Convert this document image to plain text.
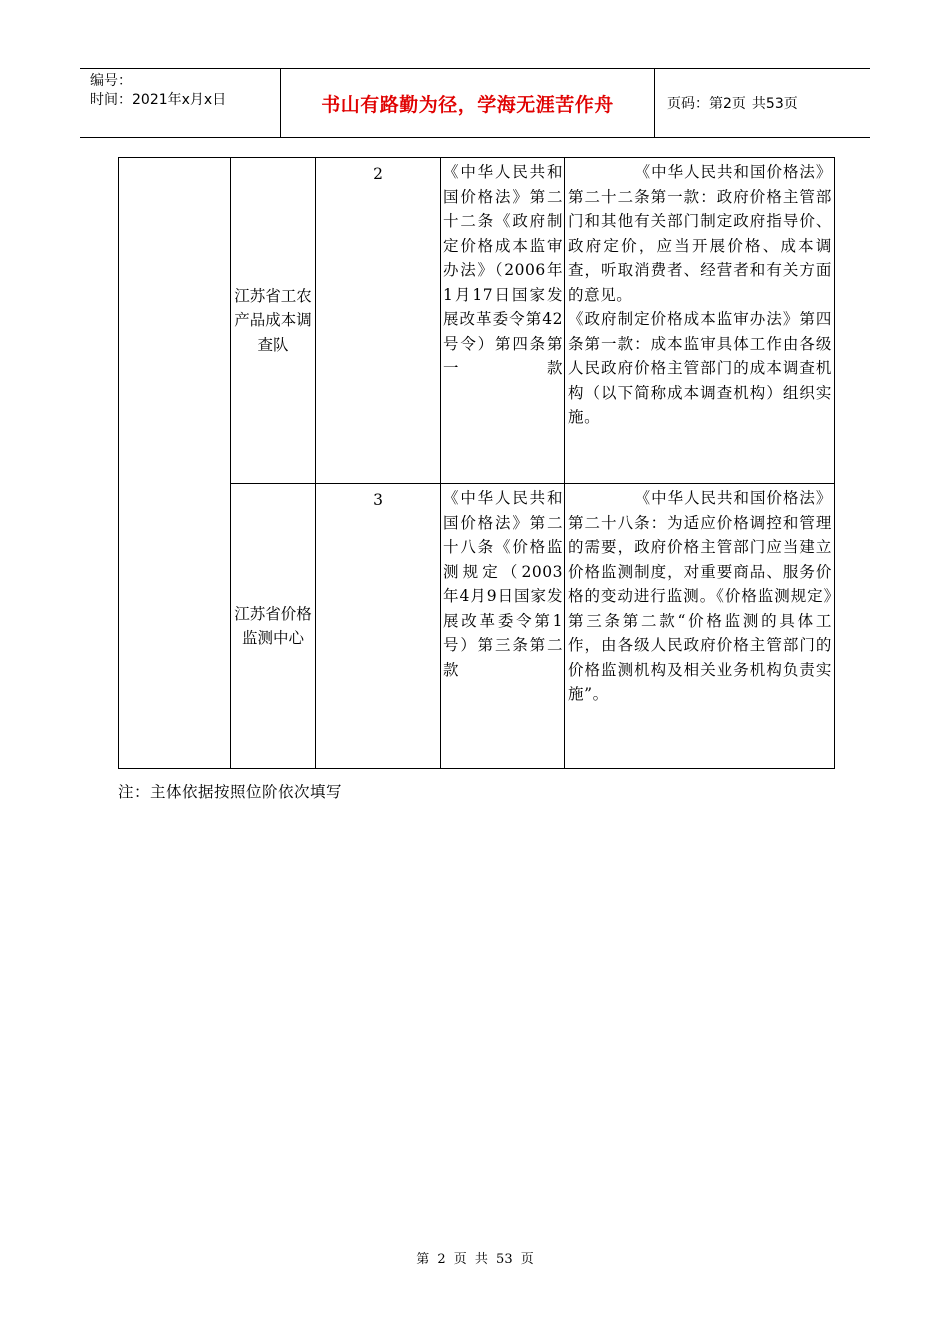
编号：
时间：2021年x月x日	书山有路勤为径，学海无涯苦作舟	页码：第2页 共53页
	江苏省工农产品成本调查队	2	《中华人民共和国价格法》第二十二条《政府制定价格成本监审办法》（2006年1月17日国家发展改革委令第42号令）第四条第一款	《中华人民共和国价格法》第二十二条第一款：政府价格主管部门和其他有关部门制定政府指导价、政府定价，应当开展价格、成本调查，听取消费者、经营者和有关方面的意见。
《政府制定价格成本监审办法》第四条第一款：成本监审具体工作由各级人民政府价格主管部门的成本调查机构（以下简称成本调查机构）组织实施。

	江苏省价格监测中心	3	《中华人民共和国价格法》第二十八条《价格监测规定（2003年4月9日国家发展改革委令第1号）第三条第二款	《中华人民共和国价格法》第二十八条：为适应价格调控和管理的需要，政府价格主管部门应当建立价格监测制度，对重要商品、服务价格的变动进行监测。《价格监测规定》第三条第二款“价格监测的具体工作，由各级人民政府价格主管部门的价格监测机构及相关业务机构负责实施”。
注：主体依据按照位阶依次填写
第 2 页 共 53 页
